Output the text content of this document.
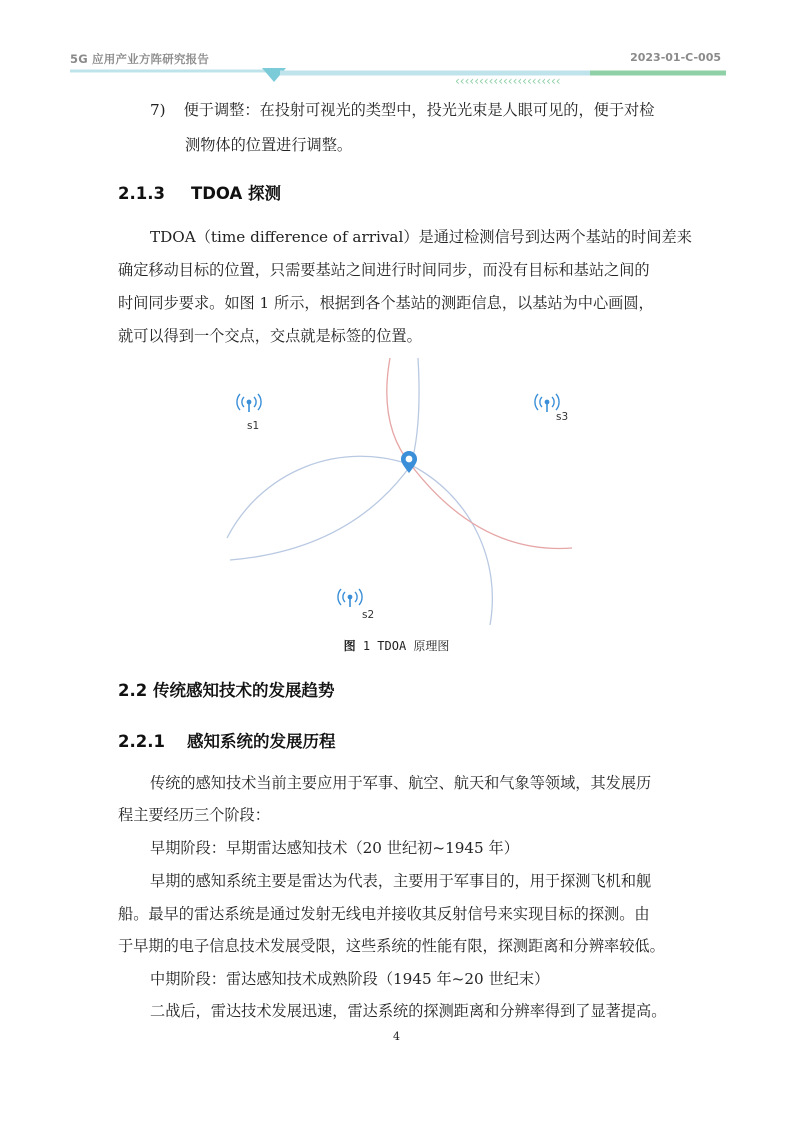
5G 应用产业方阵研究报告	2023-01-C-005
‹‹‹‹‹‹‹‹‹‹‹‹‹‹‹‹‹‹‹‹‹‹
7) 便于调整：在投射可视光的类型中，投光光束是人眼可见的，便于对检
测物体的位置进行调整。
2.1.3 TDOA 探测
TDOA（time difference of arrival）是通过检测信号到达两个基站的时间差来
确定移动目标的位置，只需要基站之间进行时间同步，而没有目标和基站之间的
时间同步要求。如图 1 所示，根据到各个基站的测距信息，以基站为中心画圆，
就可以得到一个交点，交点就是标签的位置。
s1
s2
s3
图 1 TDOA 原理图
2.2 传统感知技术的发展趋势
2.2.1 感知系统的发展历程
传统的感知技术当前主要应用于军事、航空、航天和气象等领域，其发展历
程主要经历三个阶段：
早期阶段：早期雷达感知技术（20 世纪初~1945 年）
早期的感知系统主要是雷达为代表，主要用于军事目的，用于探测飞机和舰
船。最早的雷达系统是通过发射无线电并接收其反射信号来实现目标的探测。由
于早期的电子信息技术发展受限，这些系统的性能有限，探测距离和分辨率较低。
中期阶段：雷达感知技术成熟阶段（1945 年~20 世纪末）
二战后，雷达技术发展迅速，雷达系统的探测距离和分辨率得到了显著提高。
4
